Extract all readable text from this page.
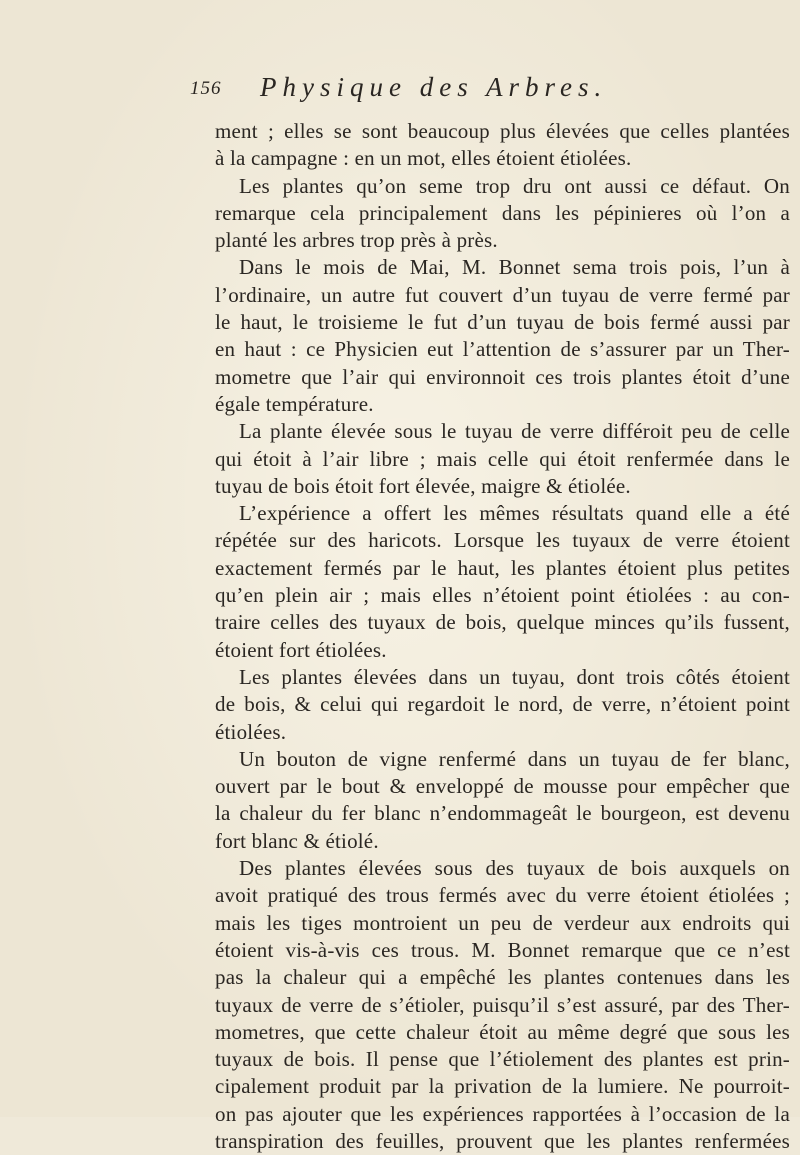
156 Physique des Arbres.
ment ; elles se sont beaucoup plus élevées que celles plantées
à la campagne : en un mot, elles étoient étiolées.
Les plantes qu’on seme trop dru ont aussi ce défaut. On
remarque cela principalement dans les pépinieres où l’on a
planté les arbres trop près à près.
Dans le mois de Mai, M. Bonnet sema trois pois, l’un à
l’ordinaire, un autre fut couvert d’un tuyau de verre fermé par
le haut, le troisieme le fut d’un tuyau de bois fermé aussi par
en haut : ce Physicien eut l’attention de s’assurer par un Ther-
mometre que l’air qui environnoit ces trois plantes étoit d’une
égale température.
La plante élevée sous le tuyau de verre différoit peu de celle
qui étoit à l’air libre ; mais celle qui étoit renfermée dans le
tuyau de bois étoit fort élevée, maigre & étiolée.
L’expérience a offert les mêmes résultats quand elle a été
répétée sur des haricots. Lorsque les tuyaux de verre étoient
exactement fermés par le haut, les plantes étoient plus petites
qu’en plein air ; mais elles n’étoient point étiolées : au con-
traire celles des tuyaux de bois, quelque minces qu’ils fussent,
étoient fort étiolées.
Les plantes élevées dans un tuyau, dont trois côtés étoient
de bois, & celui qui regardoit le nord, de verre, n’étoient point
étiolées.
Un bouton de vigne renfermé dans un tuyau de fer blanc,
ouvert par le bout & enveloppé de mousse pour empêcher que
la chaleur du fer blanc n’endommageât le bourgeon, est devenu
fort blanc & étiolé.
Des plantes élevées sous des tuyaux de bois auxquels on
avoit pratiqué des trous fermés avec du verre étoient étiolées ;
mais les tiges montroient un peu de verdeur aux endroits qui
étoient vis-à-vis ces trous. M. Bonnet remarque que ce n’est
pas la chaleur qui a empêché les plantes contenues dans les
tuyaux de verre de s’étioler, puisqu’il s’est assuré, par des Ther-
mometres, que cette chaleur étoit au même degré que sous les
tuyaux de bois. Il pense que l’étiolement des plantes est prin-
cipalement produit par la privation de la lumiere. Ne pourroit-
on pas ajouter que les expériences rapportées à l’occasion de la
transpiration des feuilles, prouvent que les plantes renfermées
